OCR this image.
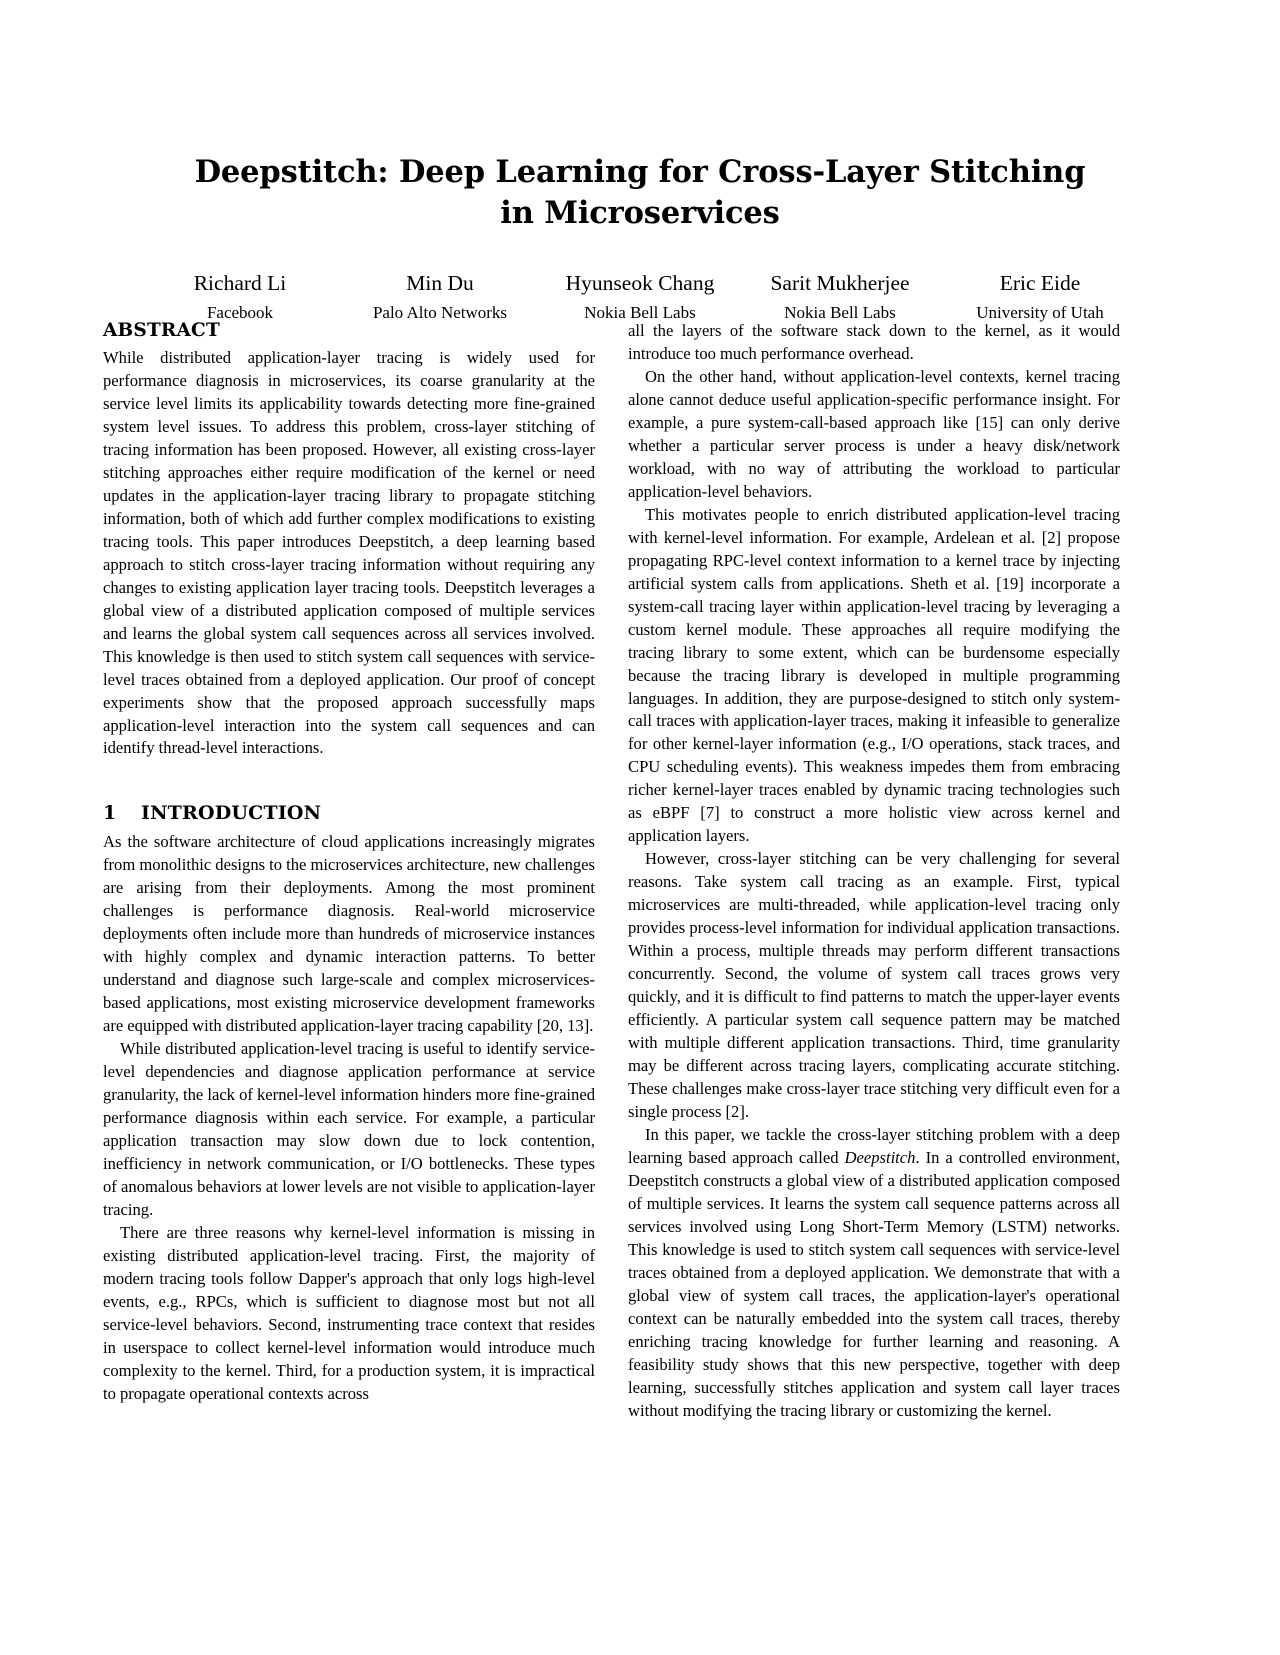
Deepstitch: Deep Learning for Cross-Layer Stitching
in Microservices
Richard Li
Facebook
Min Du
Palo Alto Networks
Hyunseok Chang
Nokia Bell Labs
Sarit Mukherjee
Nokia Bell Labs
Eric Eide
University of Utah
ABSTRACT

While distributed application-layer tracing is widely used for performance diagnosis in microservices, its coarse granularity at the service level limits its applicability towards detecting more fine-grained system level issues. To address this problem, cross-layer stitching of tracing information has been proposed. However, all existing cross-layer stitching approaches either require modification of the kernel or need updates in the application-layer tracing library to propagate stitching information, both of which add further complex modifications to existing tracing tools. This paper introduces Deepstitch, a deep learning based approach to stitch cross-layer tracing information without requiring any changes to existing application layer tracing tools. Deepstitch leverages a global view of a distributed application composed of multiple services and learns the global system call sequences across all services involved. This knowledge is then used to stitch system call sequences with service-level traces obtained from a deployed application. Our proof of concept experiments show that the proposed approach successfully maps application-level interaction into the system call sequences and can identify thread-level interactions.

1 INTRODUCTION

As the software architecture of cloud applications increasingly migrates from monolithic designs to the microservices architecture, new challenges are arising from their deployments. Among the most prominent challenges is performance diagnosis. Real-world microservice deployments often include more than hundreds of microservice instances with highly complex and dynamic interaction patterns. To better understand and diagnose such large-scale and complex microservices-based applications, most existing microservice development frameworks are equipped with distributed application-layer tracing capability [20, 13].

While distributed application-level tracing is useful to identify service-level dependencies and diagnose application performance at service granularity, the lack of kernel-level information hinders more fine-grained performance diagnosis within each service. For example, a particular application transaction may slow down due to lock contention, inefficiency in network communication, or I/O bottlenecks. These types of anomalous behaviors at lower levels are not visible to application-layer tracing.

There are three reasons why kernel-level information is missing in existing distributed application-level tracing. First, the majority of modern tracing tools follow Dapper's approach that only logs high-level events, e.g., RPCs, which is sufficient to diagnose most but not all service-level behaviors. Second, instrumenting trace context that resides in userspace to collect kernel-level information would introduce much complexity to the kernel. Third, for a production system, it is impractical to propagate operational contexts across

all the layers of the software stack down to the kernel, as it would introduce too much performance overhead.

On the other hand, without application-level contexts, kernel tracing alone cannot deduce useful application-specific performance insight. For example, a pure system-call-based approach like [15] can only derive whether a particular server process is under a heavy disk/network workload, with no way of attributing the workload to particular application-level behaviors.

This motivates people to enrich distributed application-level tracing with kernel-level information. For example, Ardelean et al. [2] propose propagating RPC-level context information to a kernel trace by injecting artificial system calls from applications. Sheth et al. [19] incorporate a system-call tracing layer within application-level tracing by leveraging a custom kernel module. These approaches all require modifying the tracing library to some extent, which can be burdensome especially because the tracing library is developed in multiple programming languages. In addition, they are purpose-designed to stitch only system-call traces with application-layer traces, making it infeasible to generalize for other kernel-layer information (e.g., I/O operations, stack traces, and CPU scheduling events). This weakness impedes them from embracing richer kernel-layer traces enabled by dynamic tracing technologies such as eBPF [7] to construct a more holistic view across kernel and application layers.

However, cross-layer stitching can be very challenging for several reasons. Take system call tracing as an example. First, typical microservices are multi-threaded, while application-level tracing only provides process-level information for individual application transactions. Within a process, multiple threads may perform different transactions concurrently. Second, the volume of system call traces grows very quickly, and it is difficult to find patterns to match the upper-layer events efficiently. A particular system call sequence pattern may be matched with multiple different application transactions. Third, time granularity may be different across tracing layers, complicating accurate stitching. These challenges make cross-layer trace stitching very difficult even for a single process [2].

In this paper, we tackle the cross-layer stitching problem with a deep learning based approach called Deepstitch. In a controlled environment, Deepstitch constructs a global view of a distributed application composed of multiple services. It learns the system call sequence patterns across all services involved using Long Short-Term Memory (LSTM) networks. This knowledge is used to stitch system call sequences with service-level traces obtained from a deployed application. We demonstrate that with a global view of system call traces, the application-layer's operational context can be naturally embedded into the system call traces, thereby enriching tracing knowledge for further learning and reasoning. A feasibility study shows that this new perspective, together with deep learning, successfully stitches application and system call layer traces without modifying the tracing library or customizing the kernel.
